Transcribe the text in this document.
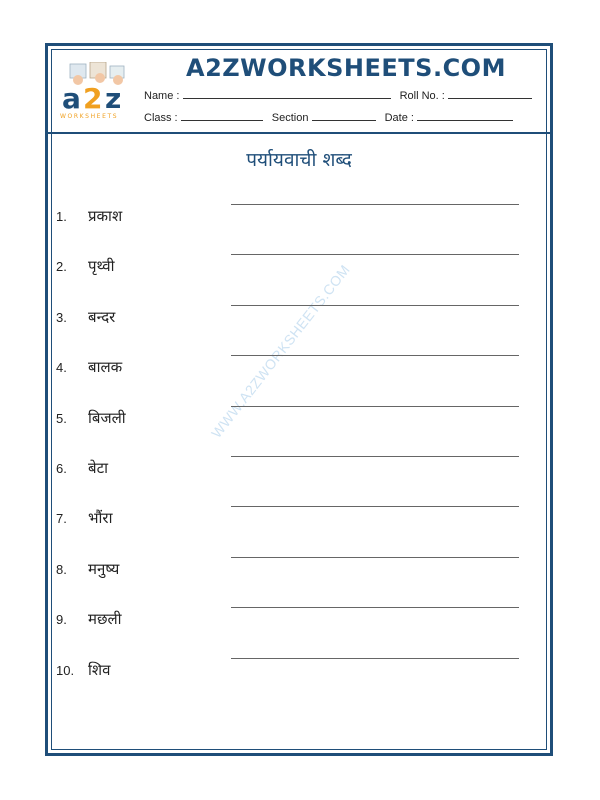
a 2 z
WORKSHEETS
A2ZWORKSHEETS.COM
Name :	Roll No. :
Class :	Section	Date :
पर्यायवाची शब्द
WWW.A2ZWORKSHEETS.COM
1. प्रकाश
2. पृथ्वी
3. बन्दर
4. बालक
5. बिजली
6. बेटा
7. भौंरा
8. मनुष्य
9. मछली
10. शिव
